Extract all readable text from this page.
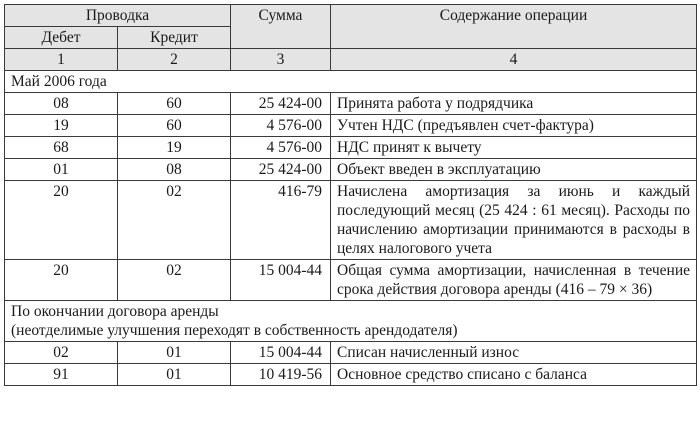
Проводка		Сумма	Содержание операции
Дебет	Кредит		
1	2	3	4
Май 2006 года			
08	60	25 424-00	Принята работа у подрядчика
19	60	4 576-00	Учтен НДС (предъявлен счет-фактура)
68	19	4 576-00	НДС принят к вычету
01	08	25 424-00	Объект введен в эксплуатацию
20	02	416-79	Начислена амортизация за июнь и каждый последующий месяц (25 424 : 61 месяц). Расходы по начислению амортизации принимаются в расходы в целях налогового учета
20	02	15 004-44	Общая сумма амортизации, начисленная в течение срока действия договора аренды (416 – 79 × 36)

По окончании договора аренды
(неотделимые улучшения переходят в собственность арендодателя)			

02	01	15 004-44	Списан начисленный износ
91	01	10 419-56	Основное средство списано с баланса
